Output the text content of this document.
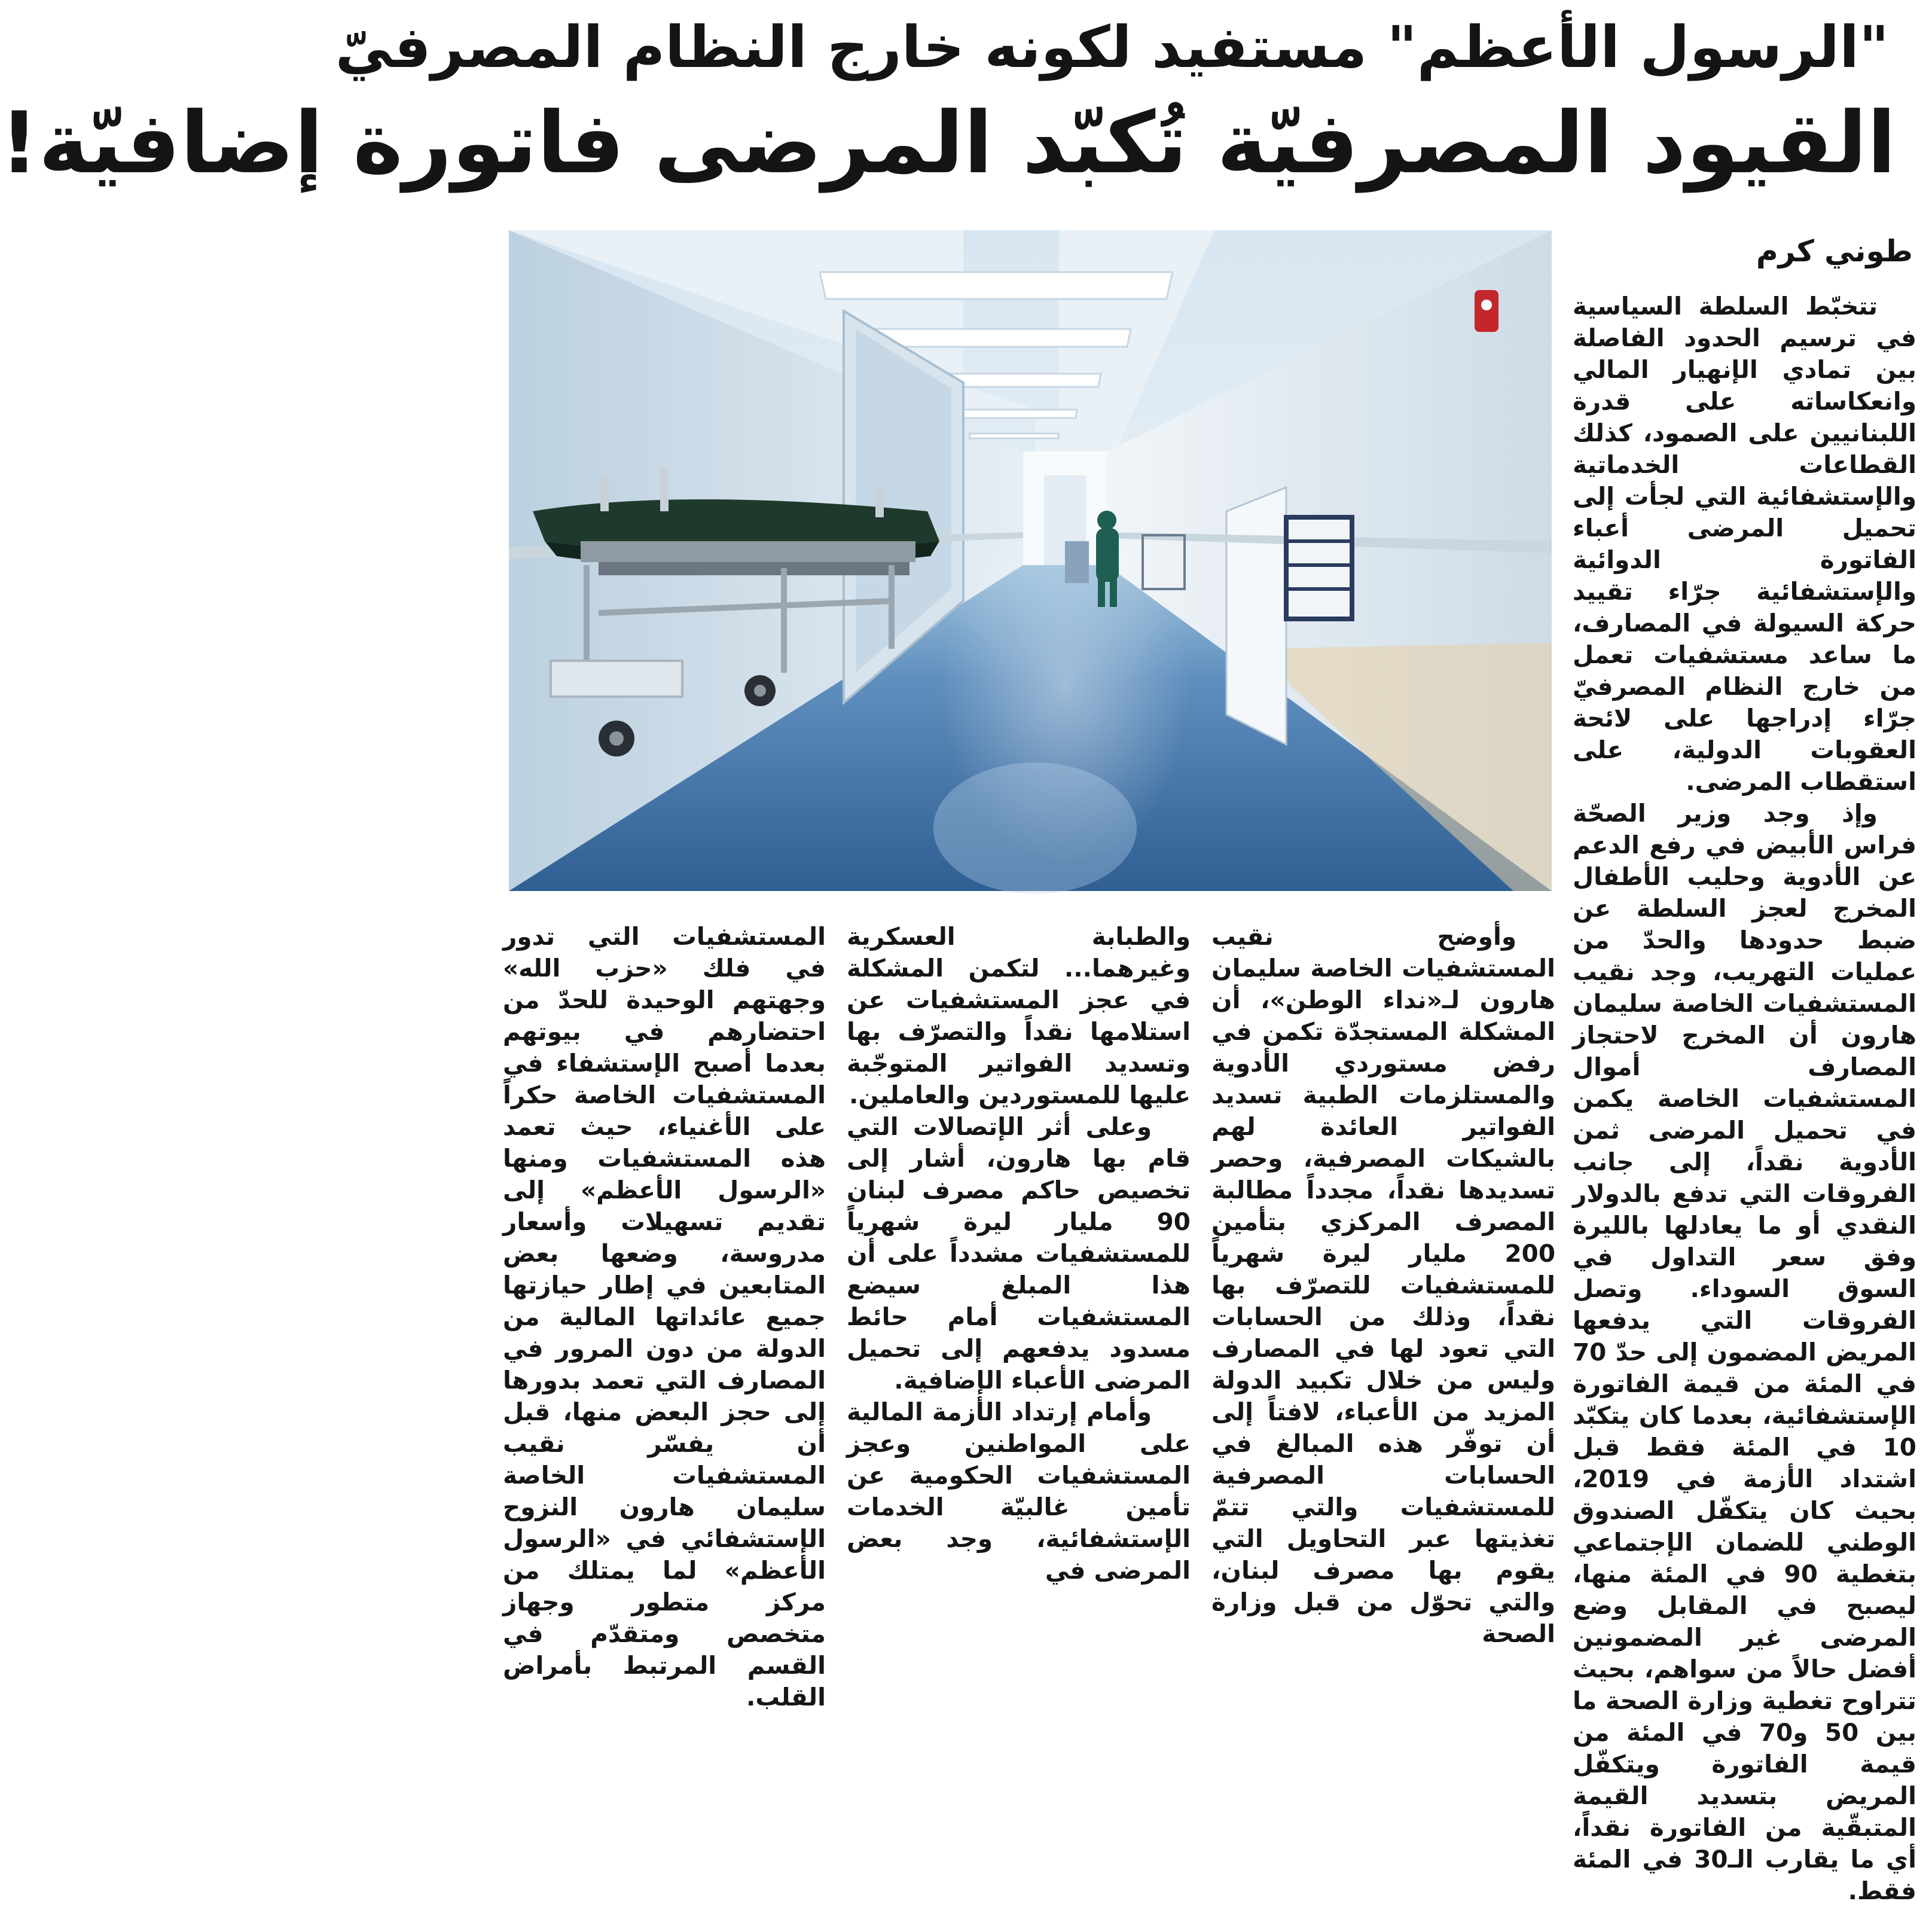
"الرسول الأعظم" مستفيد لكونه خارج النظام المصرفيّ
القيود المصرفيّة تُكبّد المرضى فاتورة إضافيّة!
طوني كرم

تتخبّط السلطة السياسية في ترسيم الحدود الفاصلة بين تمادي الإنهيار المالي وانعكاساته على قدرة اللبنانيين على الصمود، كذلك القطاعات الخدماتية والإستشفائية التي لجأت إلى تحميل المرضى أعباء الفاتورة الدوائية والإستشفائية جرّاء تقييد حركة السيولة في المصارف، ما ساعد مستشفيات تعمل من خارج النظام المصرفيّ جرّاء إدراجها على لائحة العقوبات الدولية، على استقطاب المرضى.

وإذ وجد وزير الصحّة فراس الأبيض في رفع الدعم عن الأدوية وحليب الأطفال المخرج لعجز السلطة عن ضبط حدودها والحدّ من عمليات التهريب، وجد نقيب المستشفيات الخاصة سليمان هارون أن المخرج لاحتجاز المصارف أموال المستشفيات الخاصة يكمن في تحميل المرضى ثمن الأدوية نقداً، إلى جانب الفروقات التي تدفع بالدولار النقدي أو ما يعادلها بالليرة وفق سعر التداول في السوق السوداء. وتصل الفروقات التي يدفعها المريض المضمون إلى حدّ 70 في المئة من قيمة الفاتورة الإستشفائية، بعدما كان يتكبّد 10 في المئة فقط قبل اشتداد الأزمة في 2019، بحيث كان يتكفّل الصندوق الوطني للضمان الإجتماعي بتغطية 90 في المئة منها، ليصبح في المقابل وضع المرضى غير المضمونين أفضل حالاً من سواهم، بحيث تتراوح تغطية وزارة الصحة ما بين 50 و70 في المئة من قيمة الفاتورة ويتكفّل المريض بتسديد القيمة المتبقّية من الفاتورة نقداً، أي ما يقارب الـ30 في المئة فقط.

وأوضح نقيب المستشفيات الخاصة سليمان هارون لـ«نداء الوطن»، أن المشكلة المستجدّة تكمن في رفض مستوردي الأدوية والمستلزمات الطبية تسديد الفواتير العائدة لهم بالشيكات المصرفية، وحصر تسديدها نقداً، مجدداً مطالبة المصرف المركزي بتأمين 200 مليار ليرة شهرياً للمستشفيات للتصرّف بها نقداً، وذلك من الحسابات التي تعود لها في المصارف وليس من خلال تكبيد الدولة المزيد من الأعباء، لافتاً إلى أن توفّر هذه المبالغ في الحسابات المصرفية للمستشفيات والتي تتمّ تغذيتها عبر التحاويل التي يقوم بها مصرف لبنان، والتي تحوّل من قبل وزارة الصحة

والطبابة العسكرية وغيرهما... لتكمن المشكلة في عجز المستشفيات عن استلامها نقداً والتصرّف بها وتسديد الفواتير المتوجّبة عليها للمستوردين والعاملين.

وعلى أثر الإتصالات التي قام بها هارون، أشار إلى تخصيص حاكم مصرف لبنان 90 مليار ليرة شهرياً للمستشفيات مشدداً على أن هذا المبلغ سيضع المستشفيات أمام حائط مسدود يدفعهم إلى تحميل المرضى الأعباء الإضافية.

وأمام إرتداد الأزمة المالية على المواطنين وعجز المستشفيات الحكومية عن تأمين غالبيّة الخدمات الإستشفائية، وجد بعض المرضى في

المستشفيات التي تدور في فلك «حزب الله» وجهتهم الوحيدة للحدّ من احتضارهم في بيوتهم بعدما أصبح الإستشفاء في المستشفيات الخاصة حكراً على الأغنياء، حيث تعمد هذه المستشفيات ومنها «الرسول الأعظم» إلى تقديم تسهيلات وأسعار مدروسة، وضعها بعض المتابعين في إطار حيازتها جميع عائداتها المالية من الدولة من دون المرور في المصارف التي تعمد بدورها إلى حجز البعض منها، قبل أن يفسّر نقيب المستشفيات الخاصة سليمان هارون النزوح الإستشفائي في «الرسول الأعظم» لما يمتلك من مركز متطور وجهاز متخصص ومتقدّم في القسم المرتبط بأمراض القلب.
